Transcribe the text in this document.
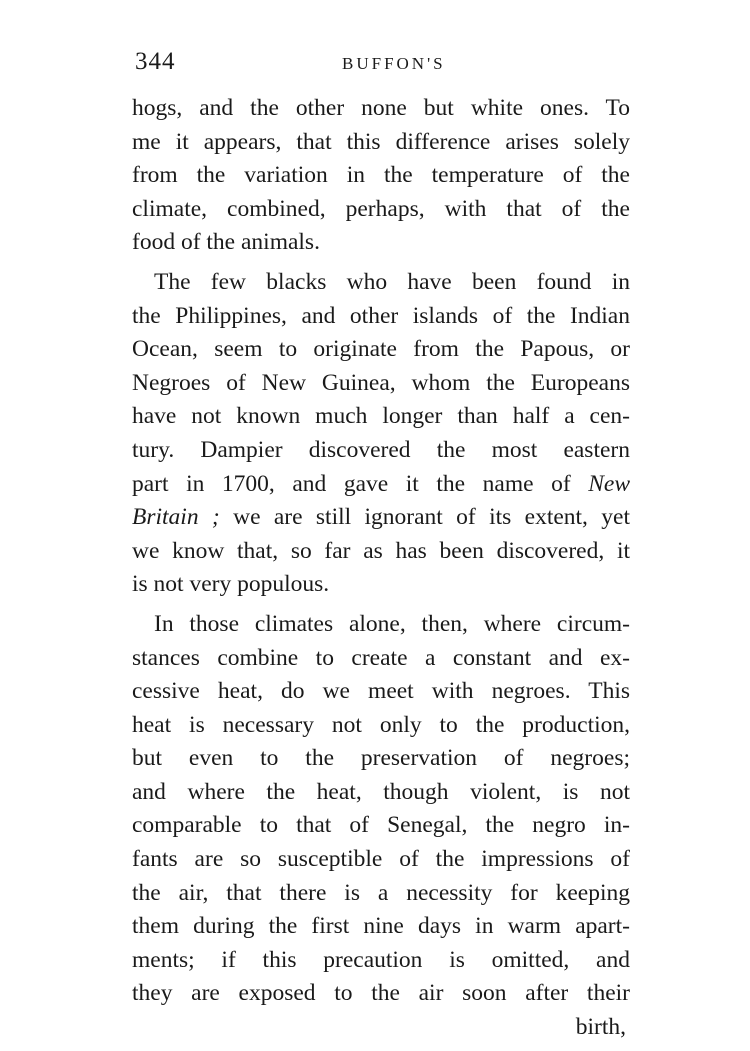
344	BUFFON'S
hogs, and the other none but white ones. To
me it appears, that this difference arises solely
from the variation in the temperature of the
climate, combined, perhaps, with that of the
food of the animals.
The few blacks who have been found in
the Philippines, and other islands of the Indian
Ocean, seem to originate from the Papous, or
Negroes of New Guinea, whom the Europeans
have not known much longer than half a cen-
tury. Dampier discovered the most eastern
part in 1700, and gave it the name of New
Britain ; we are still ignorant of its extent, yet
we know that, so far as has been discovered, it
is not very populous.
In those climates alone, then, where circum-
stances combine to create a constant and ex-
cessive heat, do we meet with negroes. This
heat is necessary not only to the production,
but even to the preservation of negroes;
and where the heat, though violent, is not
comparable to that of Senegal, the negro in-
fants are so susceptible of the impressions of
the air, that there is a necessity for keeping
them during the first nine days in warm apart-
ments; if this precaution is omitted, and
they are exposed to the air soon after their
birth,
